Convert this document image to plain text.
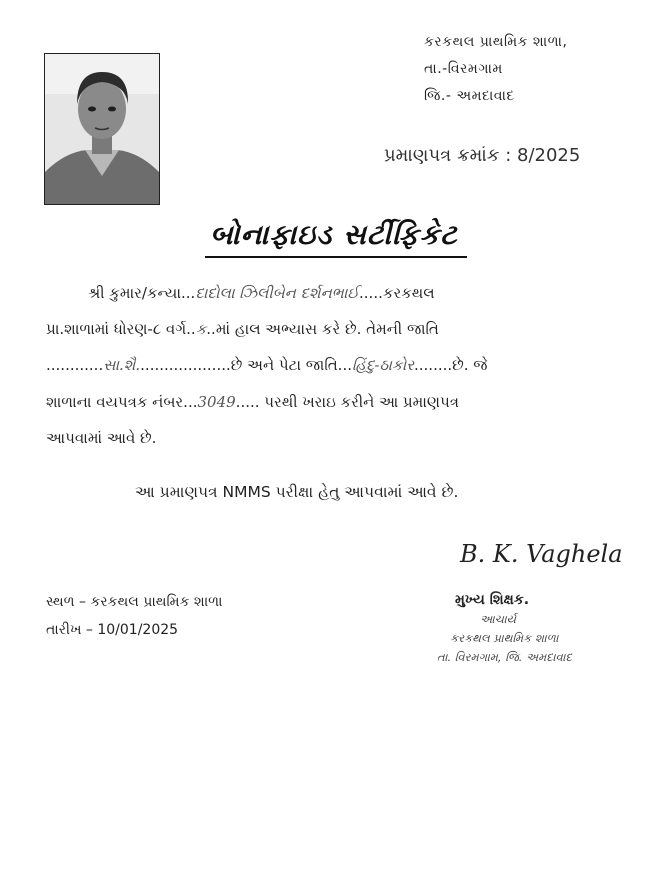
કરકથલ પ્રાથમિક શાળા,
તા.-વિરમગામ
જિ.- અમદાવાદ
પ્રમાણપત્ર ક્રમાંક : 8/2025
બોનાફાઇડ સર્ટીફિકેટ
શ્રી કુમાર/કન્યા...દાદોલા ઝિલીબેન દર્શનભાઈ.....કરકથલ
પ્રા.શાળામાં ધોરણ-૮ વર્ગ..ક..માં હાલ અભ્યાસ કરે છે. તેમની જાતિ
............સા.શૈ....................છે અને પેટા જાતિ...હિંદુ-ઠાકોર........છે. જે
શાળાના વયપત્રક નંબર...3049..... પરથી ખરાઇ કરીને આ પ્રમાણપત્ર
આપવામાં આવે છે.
આ પ્રમાણપત્ર NMMS પરીક્ષા હેતુ આપવામાં આવે છે.
B. K. Vaghela
મુખ્ય શિક્ષક.
આચાર્ય
કરકથલ પ્રાથમિક શાળા
તા. વિરમગામ, જિ. અમદાવાદ
સ્થળ – કરકથલ પ્રાથમિક શાળા
તારીખ – 10/01/2025
